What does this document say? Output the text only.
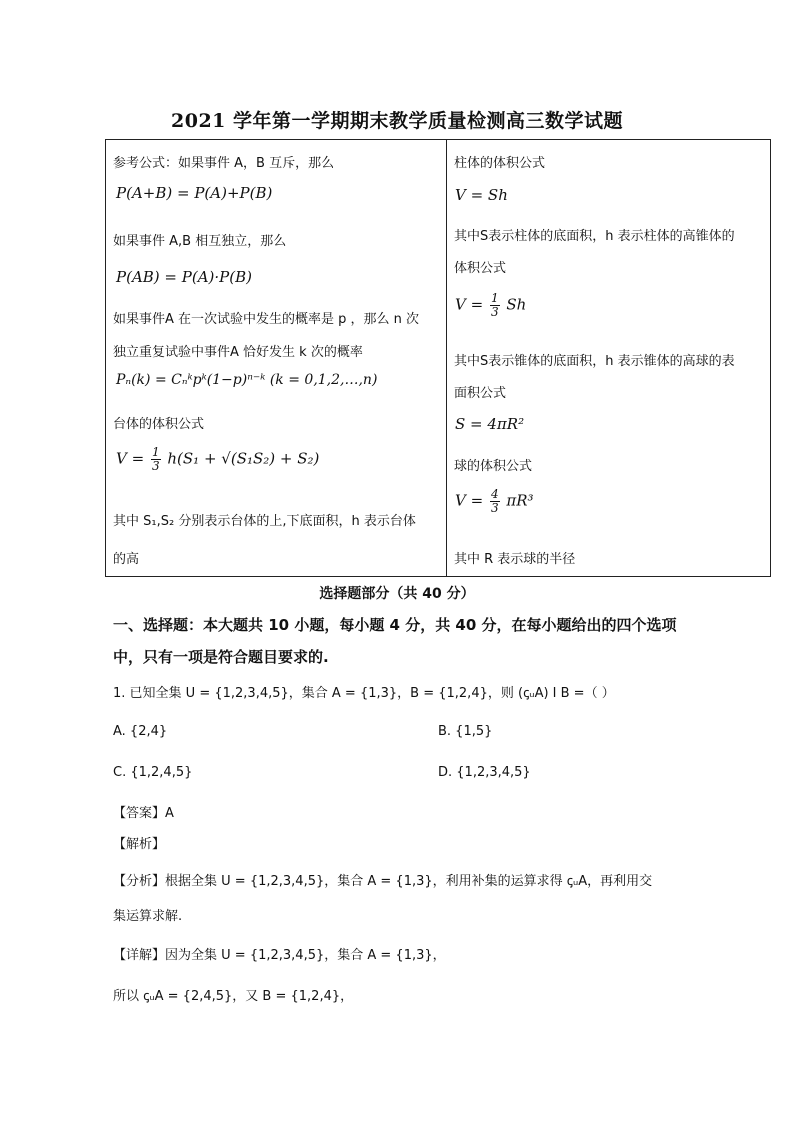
2021 学年第一学期期末教学质量检测高三数学试题
参考公式：如果事件 A，B 互斥，那么
P(A+B) = P(A)+P(B)
如果事件 A,B 相互独立，那么
P(AB) = P(A)·P(B)
如果事件A 在一次试验中发生的概率是 p ，那么 n 次
独立重复试验中事件A 恰好发生 k 次的概率
Pₙ(k) = Cₙᵏpᵏ(1−p)ⁿ⁻ᵏ (k = 0,1,2,…,n)
台体的体积公式
$V = \frac{1}{3} h(S_1 + √(S_1S_2) + S_2)$
其中 S₁,S₂ 分别表示台体的上,下底面积，h 表示台体
的高

柱体的体积公式
V = Sh
其中S表示柱体的底面积，h 表示柱体的高锥体的
体积公式
$V = \frac{1}{3}$ Sh
其中S表示锥体的底面积，h 表示锥体的高球的表
面积公式
S = 4πR²
球的体积公式
$V = \frac{4}{3} \pi R^3$
其中 R 表示球的半径
选择题部分（共 40 分）
一、选择题：本大题共 10 小题，每小题 4 分，共 40 分，在每小题给出的四个选项
中，只有一项是符合题目要求的.
1. 已知全集 U = {1,2,3,4,5}，集合 A = {1,3}，B = {1,2,4}，则 (ꞔᵤA) I B =（ ）
A. {2,4}	B. {1,5}
C. {1,2,4,5}	D. {1,2,3,4,5}
【答案】A
【解析】
【分析】根据全集 U = {1,2,3,4,5}，集合 A = {1,3}，利用补集的运算求得 ꞔᵤA，再利用交
集运算求解.
【详解】因为全集 U = {1,2,3,4,5}，集合 A = {1,3}，
所以 ꞔᵤA = {2,4,5}，又 B = {1,2,4}，
